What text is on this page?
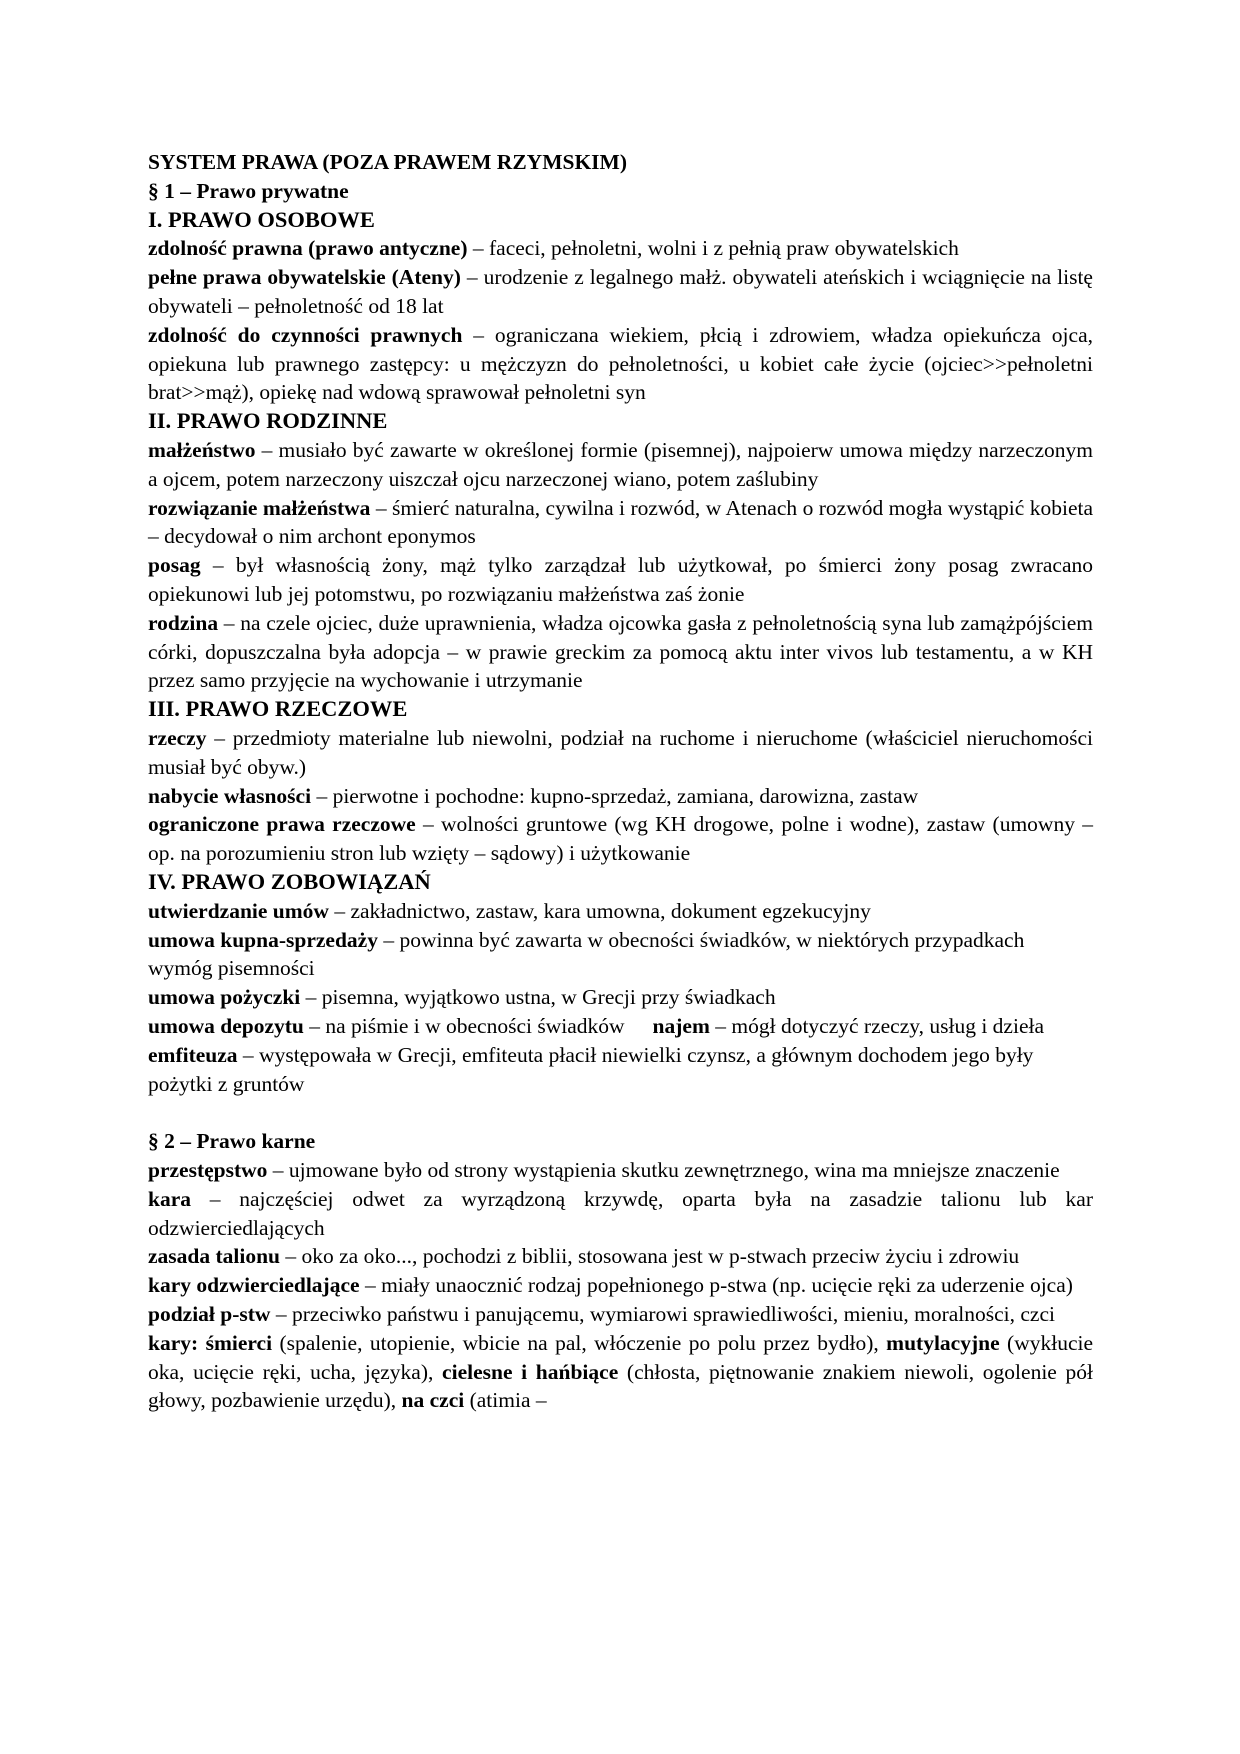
SYSTEM PRAWA (POZA PRAWEM RZYMSKIM)

§ 1 – Prawo prywatne

I. PRAWO OSOBOWE

zdolność prawna (prawo antyczne) – faceci, pełnoletni, wolni i z pełnią praw obywatelskich

pełne prawa obywatelskie (Ateny) – urodzenie z legalnego małż. obywateli ateńskich i wciągnięcie na listę obywateli – pełnoletność od 18 lat

zdolność do czynności prawnych – ograniczana wiekiem, płcią i zdrowiem, władza opiekuńcza ojca, opiekuna lub prawnego zastępcy: u mężczyzn do pełnoletności, u kobiet całe życie (ojciec>>pełnoletni brat>>mąż), opiekę nad wdową sprawował pełnoletni syn

II. PRAWO RODZINNE

małżeństwo – musiało być zawarte w określonej formie (pisemnej), najpoierw umowa między narzeczonym a ojcem, potem narzeczony uiszczał ojcu narzeczonej wiano, potem zaślubiny

rozwiązanie małżeństwa – śmierć naturalna, cywilna i rozwód, w Atenach o rozwód mogła wystąpić kobieta – decydował o nim archont eponymos

posag – był własnością żony, mąż tylko zarządzał lub użytkował, po śmierci żony posag zwracano opiekunowi lub jej potomstwu, po rozwiązaniu małżeństwa zaś żonie

rodzina – na czele ojciec, duże uprawnienia, władza ojcowka gasła z pełnoletnością syna lub zamążpójściem córki, dopuszczalna była adopcja – w prawie greckim za pomocą aktu inter vivos lub testamentu, a w KH przez samo przyjęcie na wychowanie i utrzymanie

III. PRAWO RZECZOWE

rzeczy – przedmioty materialne lub niewolni, podział na ruchome i nieruchome (właściciel nieruchomości musiał być obyw.)

nabycie własności – pierwotne i pochodne: kupno-sprzedaż, zamiana, darowizna, zastaw

ograniczone prawa rzeczowe – wolności gruntowe (wg KH drogowe, polne i wodne), zastaw (umowny – op. na porozumieniu stron lub wzięty – sądowy) i użytkowanie

IV. PRAWO ZOBOWIĄZAŃ

utwierdzanie umów – zakładnictwo, zastaw, kara umowna, dokument egzekucyjny

umowa kupna-sprzedaży – powinna być zawarta w obecności świadków, w niektórych przypadkach wymóg pisemności

umowa pożyczki – pisemna, wyjątkowo ustna, w Grecji przy świadkach

umowa depozytu – na piśmie i w obecności świadków najem – mógł dotyczyć rzeczy, usług i dzieła

emfiteuza – występowała w Grecji, emfiteuta płacił niewielki czynsz, a głównym dochodem jego były pożytki z gruntów

§ 2 – Prawo karne

przestępstwo – ujmowane było od strony wystąpienia skutku zewnętrznego, wina ma mniejsze znaczenie

kara – najczęściej odwet za wyrządzoną krzywdę, oparta była na zasadzie talionu lub kar odzwierciedlających

zasada talionu – oko za oko..., pochodzi z biblii, stosowana jest w p-stwach przeciw życiu i zdrowiu

kary odzwierciedlające – miały unaocznić rodzaj popełnionego p-stwa (np. ucięcie ręki za uderzenie ojca)

podział p-stw – przeciwko państwu i panującemu, wymiarowi sprawiedliwości, mieniu, moralności, czci

kary: śmierci (spalenie, utopienie, wbicie na pal, włóczenie po polu przez bydło), mutylacyjne (wykłucie oka, ucięcie ręki, ucha, języka), cielesne i hańbiące (chłosta, piętnowanie znakiem niewoli, ogolenie pół głowy, pozbawienie urzędu), na czci (atimia –
